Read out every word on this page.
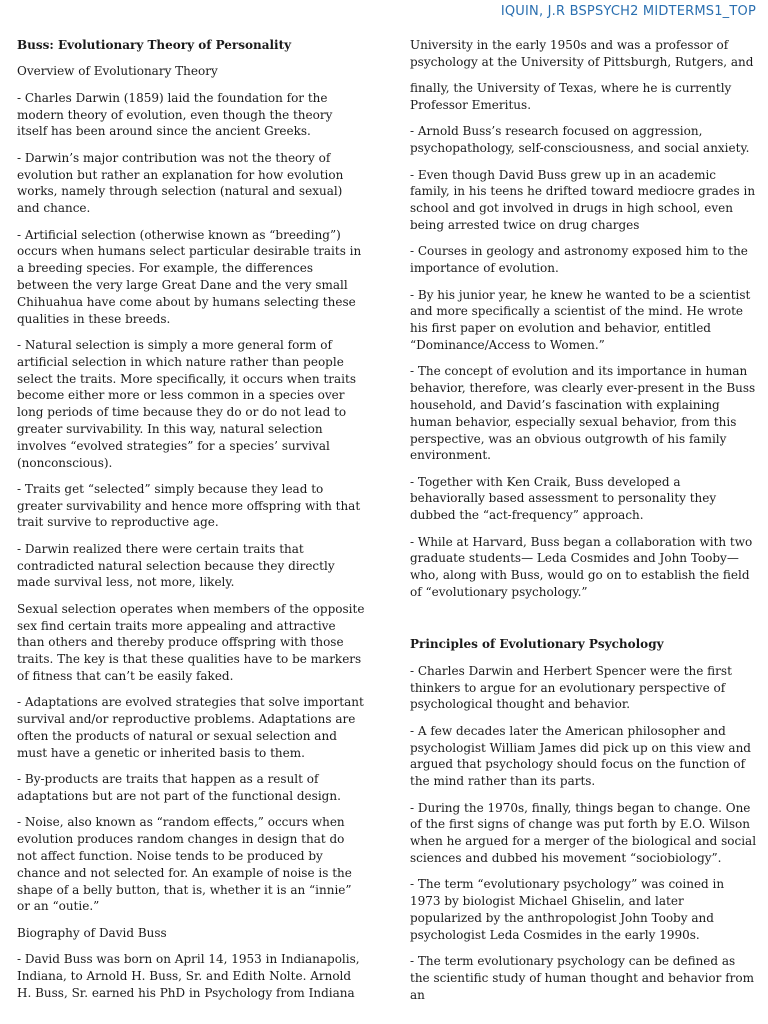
IQUIN, J.R BSPSYCH2 MIDTERMS1_TOP

Buss: Evolutionary Theory of Personality

Overview of Evolutionary Theory

- Charles Darwin (1859) laid the foundation for the modern theory of evolution, even though the theory itself has been around since the ancient Greeks.

- Darwin’s major contribution was not the theory of evolution but rather an explanation for how evolution works, namely through selection (natural and sexual) and chance.

- Artificial selection (otherwise known as “breeding”) occurs when humans select particular desirable traits in a breeding species. For example, the differences between the very large Great Dane and the very small Chihuahua have come about by humans selecting these qualities in these breeds.

- Natural selection is simply a more general form of artificial selection in which nature rather than people select the traits. More specifically, it occurs when traits become either more or less common in a species over long periods of time because they do or do not lead to greater survivability. In this way, natural selection involves “evolved strategies” for a species’ survival (nonconscious).

- Traits get “selected” simply because they lead to greater survivability and hence more offspring with that trait survive to reproductive age.

- Darwin realized there were certain traits that contradicted natural selection because they directly made survival less, not more, likely.

Sexual selection operates when members of the opposite sex find certain traits more appealing and attractive than others and thereby produce offspring with those traits. The key is that these qualities have to be markers of fitness that can’t be easily faked.

- Adaptations are evolved strategies that solve important survival and/or reproductive problems. Adaptations are often the products of natural or sexual selection and must have a genetic or inherited basis to them.

- By-products are traits that happen as a result of adaptations but are not part of the functional design.

- Noise, also known as “random effects,” occurs when evolution produces random changes in design that do not affect function. Noise tends to be produced by chance and not selected for. An example of noise is the shape of a belly button, that is, whether it is an “innie” or an “outie.”

Biography of David Buss

- David Buss was born on April 14, 1953 in Indianapolis, Indiana, to Arnold H. Buss, Sr. and Edith Nolte. Arnold H. Buss, Sr. earned his PhD in Psychology from Indiana

University in the early 1950s and was a professor of psychology at the University of Pittsburgh, Rutgers, and

finally, the University of Texas, where he is currently Professor Emeritus.

- Arnold Buss’s research focused on aggression, psychopathology, self-consciousness, and social anxiety.

- Even though David Buss grew up in an academic family, in his teens he drifted toward mediocre grades in school and got involved in drugs in high school, even being arrested twice on drug charges

- Courses in geology and astronomy exposed him to the importance of evolution.

- By his junior year, he knew he wanted to be a scientist and more specifically a scientist of the mind. He wrote his first paper on evolution and behavior, entitled “Dominance/Access to Women.”

- The concept of evolution and its importance in human behavior, therefore, was clearly ever-present in the Buss household, and David’s fascination with explaining human behavior, especially sexual behavior, from this perspective, was an obvious outgrowth of his family environment.

- Together with Ken Craik, Buss developed a behaviorally based assessment to personality they dubbed the “act-frequency” approach.

- While at Harvard, Buss began a collaboration with two graduate students— Leda Cosmides and John Tooby— who, along with Buss, would go on to establish the field of “evolutionary psychology.”

Principles of Evolutionary Psychology

- Charles Darwin and Herbert Spencer were the first thinkers to argue for an evolutionary perspective of psychological thought and behavior.

- A few decades later the American philosopher and psychologist William James did pick up on this view and argued that psychology should focus on the function of the mind rather than its parts.

- During the 1970s, finally, things began to change. One of the first signs of change was put forth by E.O. Wilson when he argued for a merger of the biological and social sciences and dubbed his movement “sociobiology”.

- The term “evolutionary psychology” was coined in 1973 by biologist Michael Ghiselin, and later popularized by the anthropologist John Tooby and psychologist Leda Cosmides in the early 1990s.

- The term evolutionary psychology can be defined as the scientific study of human thought and behavior from an
